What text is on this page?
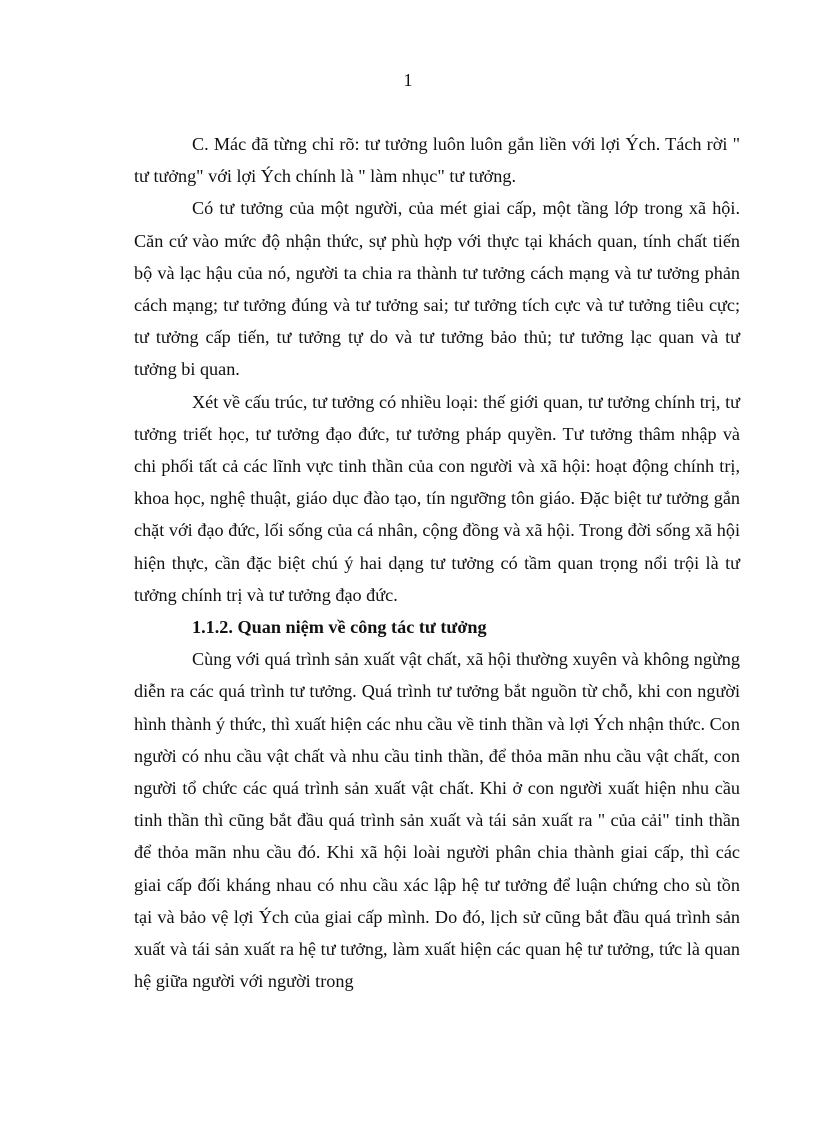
1

C. Mác đã từng chỉ rõ: tư tưởng luôn luôn gắn liền với lợi Ých. Tách rời " tư tưởng" với lợi Ých chính là " làm nhục" tư tưởng.

Có tư tưởng của một người, của mét giai cấp, một tầng lớp trong xã hội. Căn cứ vào mức độ nhận thức, sự phù hợp với thực tại khách quan, tính chất tiến bộ và lạc hậu của nó, người ta chia ra thành tư tưởng cách mạng và tư tưởng phản cách mạng; tư tưởng đúng và tư tưởng sai; tư tưởng tích cực và tư tưởng tiêu cực; tư tưởng cấp tiến, tư tưởng tự do và tư tưởng bảo thủ; tư tưởng lạc quan và tư tưởng bi quan.

Xét về cấu trúc, tư tưởng có nhiều loại: thế giới quan, tư tưởng chính trị, tư tưởng triết học, tư tưởng đạo đức, tư tưởng pháp quyền. Tư tưởng thâm nhập và chi phối tất cả các lĩnh vực tinh thần của con người và xã hội: hoạt động chính trị, khoa học, nghệ thuật, giáo dục đào tạo, tín ngưỡng tôn giáo. Đặc biệt tư tưởng gắn chặt với đạo đức, lối sống của cá nhân, cộng đồng và xã hội. Trong đời sống xã hội hiện thực, cần đặc biệt chú ý hai dạng tư tưởng có tầm quan trọng nổi trội là tư tưởng chính trị và tư tưởng đạo đức.

1.1.2. Quan niệm về công tác tư tưởng

Cùng với quá trình sản xuất vật chất, xã hội thường xuyên và không ngừng diễn ra các quá trình tư tưởng. Quá trình tư tưởng bắt nguồn từ chỗ, khi con người hình thành ý thức, thì xuất hiện các nhu cầu về tinh thần và lợi Ých nhận thức. Con người có nhu cầu vật chất và nhu cầu tinh thần, để thỏa mãn nhu cầu vật chất, con người tổ chức các quá trình sản xuất vật chất. Khi ở con người xuất hiện nhu cầu tinh thần thì cũng bắt đầu quá trình sản xuất và tái sản xuất ra " của cải" tinh thần để thỏa mãn nhu cầu đó. Khi xã hội loài người phân chia thành giai cấp, thì các giai cấp đối kháng nhau có nhu cầu xác lập hệ tư tưởng để luận chứng cho sù tồn tại và bảo vệ lợi Ých của giai cấp mình. Do đó, lịch sử cũng bắt đầu quá trình sản xuất và tái sản xuất ra hệ tư tưởng, làm xuất hiện các quan hệ tư tưởng, tức là quan hệ giữa người với người trong
